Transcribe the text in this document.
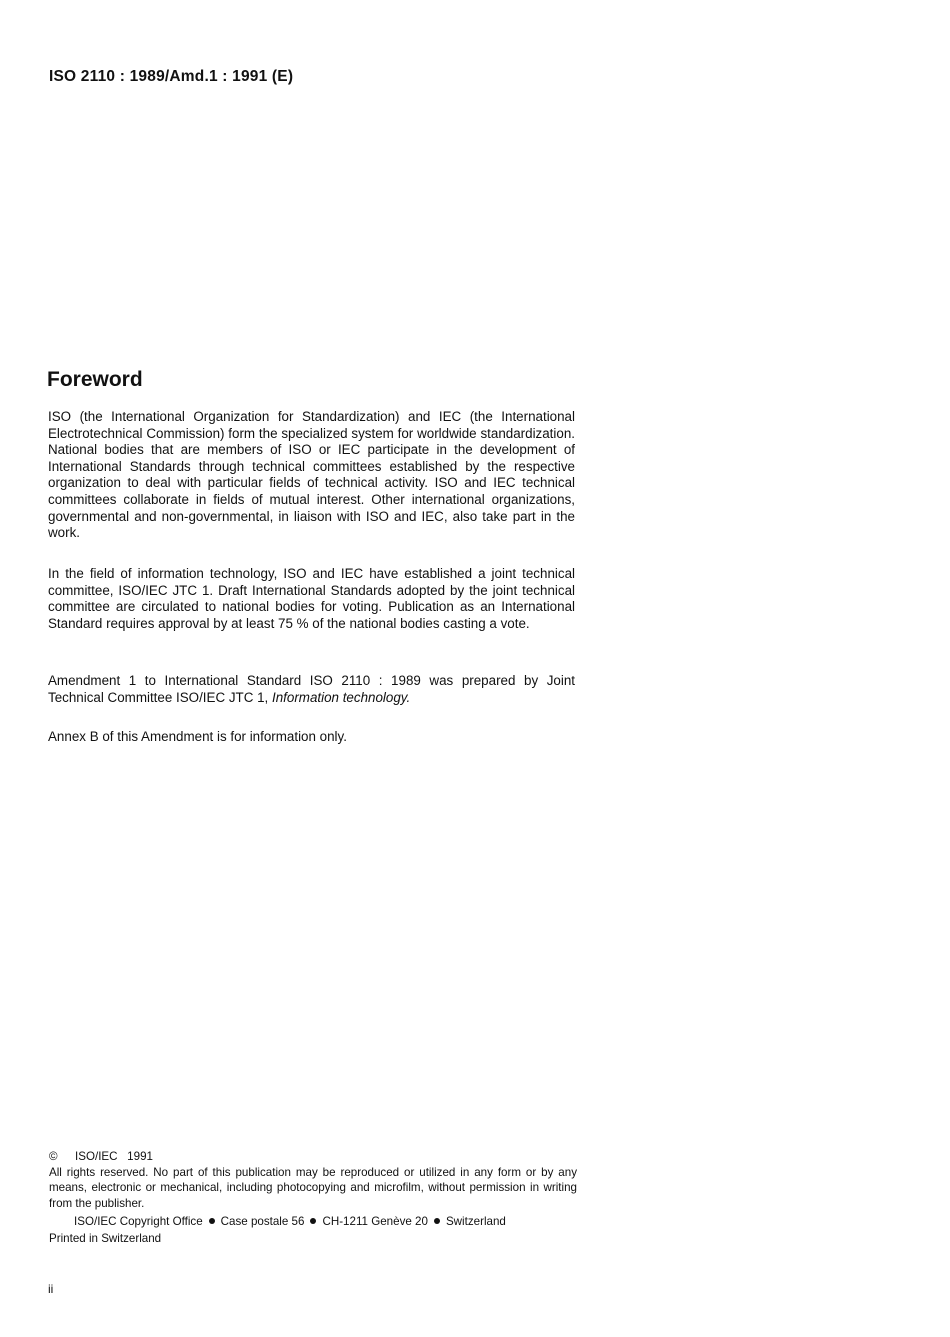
ISO 2110 : 1989/Amd.1 : 1991 (E)
Foreword

ISO (the International Organization for Standardization) and IEC (the International Electrotechnical Commission) form the specialized system for worldwide standardization. National bodies that are members of ISO or IEC participate in the development of International Standards through technical committees established by the respective organization to deal with particular fields of technical activity. ISO and IEC technical committees collaborate in fields of mutual interest. Other international organizations, governmental and non-governmental, in liaison with ISO and IEC, also take part in the work.

In the field of information technology, ISO and IEC have established a joint technical committee, ISO/IEC JTC 1. Draft International Standards adopted by the joint technical committee are circulated to national bodies for voting. Publication as an International Standard requires approval by at least 75 % of the national bodies casting a vote.

Amendment 1 to International Standard ISO 2110 : 1989 was prepared by Joint Technical Committee ISO/IEC JTC 1, Information technology.

Annex B of this Amendment is for information only.

© ISO/IEC   1991
All rights reserved. No part of this publication may be reproduced or utilized in any form or by any means, electronic or mechanical, including photocopying and microfilm, without permission in writing from the publisher.
ISO/IEC Copyright Office Case postale 56 CH-1211 Genève 20 Switzerland
Printed in Switzerland
ii
